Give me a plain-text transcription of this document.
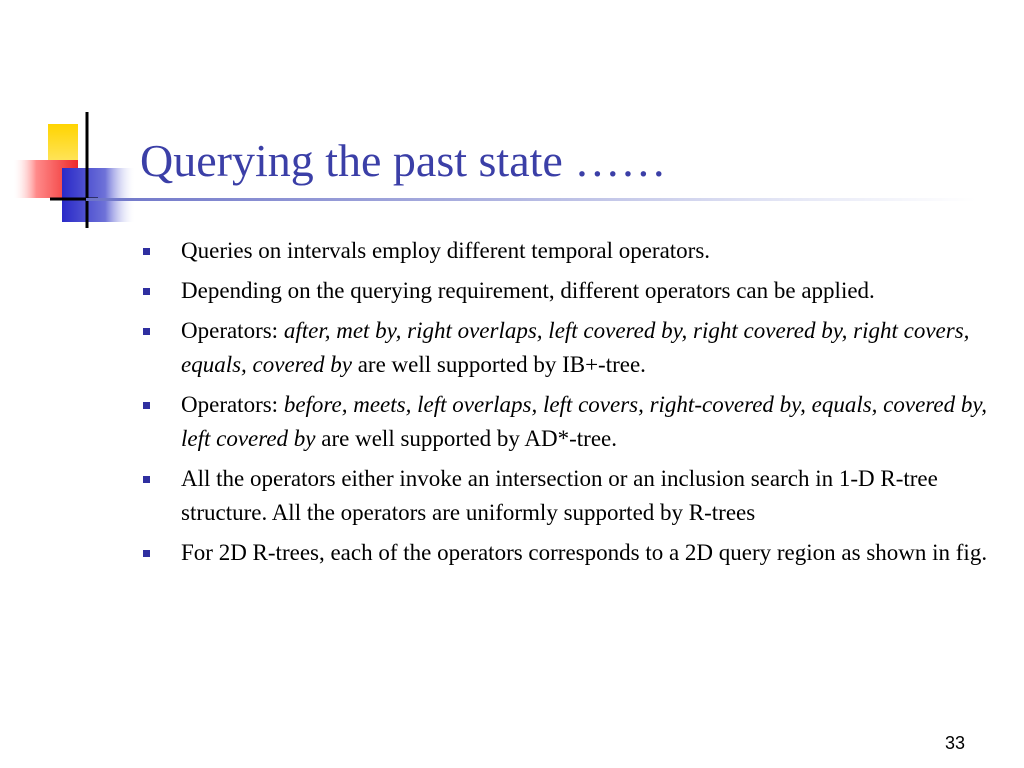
Querying the past state ……
Queries on intervals employ different temporal operators.
Depending on the querying requirement, different operators can be applied.
Operators: after, met by, right overlaps, left covered by, right covered by, right covers, equals, covered by are well supported by IB+-tree.
Operators: before, meets, left overlaps, left covers, right-covered by, equals, covered by, left covered by are well supported by AD*-tree.
All the operators either invoke an intersection or an inclusion search in 1-D R-tree structure. All the operators are uniformly supported by R-trees
For 2D R-trees, each of the operators corresponds to a 2D query region as shown in fig.
33
